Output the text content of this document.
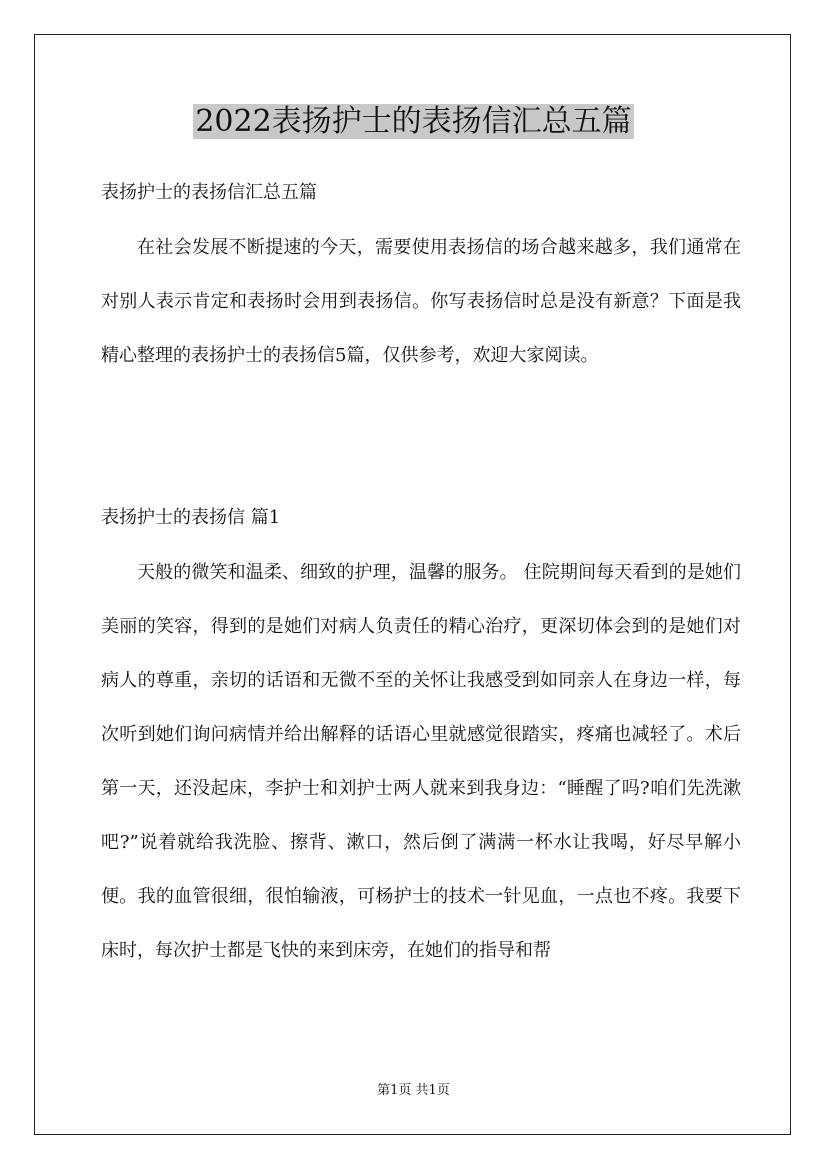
2022表扬护士的表扬信汇总五篇

表扬护士的表扬信汇总五篇

在社会发展不断提速的今天，需要使用表扬信的场合越来越多，我们通常在对别人表示肯定和表扬时会用到表扬信。你写表扬信时总是没有新意？下面是我精心整理的表扬护士的表扬信5篇，仅供参考，欢迎大家阅读。

表扬护士的表扬信 篇1

天般的微笑和温柔、细致的护理，温馨的服务。 住院期间每天看到的是她们美丽的笑容，得到的是她们对病人负责任的精心治疗，更深切体会到的是她们对病人的尊重，亲切的话语和无微不至的关怀让我感受到如同亲人在身边一样，每次听到她们询问病情并给出解释的话语心里就感觉很踏实，疼痛也减轻了。术后第一天，还没起床，李护士和刘护士两人就来到我身边：“睡醒了吗?咱们先洗漱吧?”说着就给我洗脸、擦背、漱口，然后倒了满满一杯水让我喝，好尽早解小便。我的血管很细，很怕输液，可杨护士的技术一针见血，一点也不疼。我要下床时，每次护士都是飞快的来到床旁，在她们的指导和帮

第1页 共1页
